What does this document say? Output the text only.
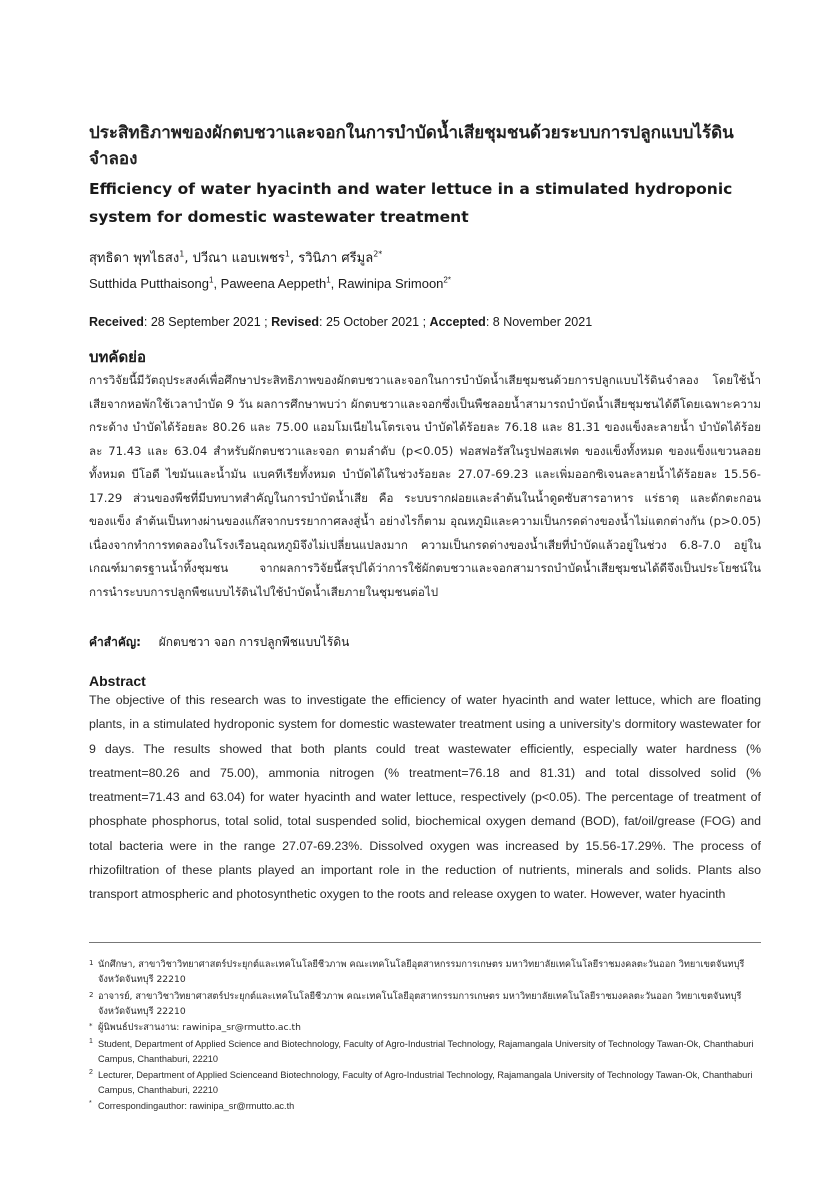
ประสิทธิภาพของผักตบชวาและจอกในการบำบัดน้ำเสียชุมชนด้วยระบบการปลูกแบบไร้ดินจำลอง
Efficiency of water hyacinth and water lettuce in a stimulated hydroponic system for domestic wastewater treatment
สุทธิดา พุทไธสง$^1$, ปวีณา แอบเพชร$^1$, รวินิภา ศรีมูล$^{2*}$
Sutthida Putthaisong$^1$, Paweena Aeppeth$^1$, Rawinipa Srimoon$^{2*}$
Received: 28 September 2021 ; Revised: 25 October 2021 ; Accepted: 8 November 2021
บทคัดย่อ
การวิจัยนี้มีวัตถุประสงค์เพื่อศึกษาประสิทธิภาพของผักตบชวาและจอกในการบำบัดน้ำเสียชุมชนด้วยการปลูกแบบไร้ดินจำลอง โดยใช้น้ำเสียจากหอพักใช้เวลาบำบัด 9 วัน ผลการศึกษาพบว่า ผักตบชวาและจอกซึ่งเป็นพืชลอยน้ำสามารถบำบัดน้ำเสียชุมชนได้ดีโดยเฉพาะความกระด้าง บำบัดได้ร้อยละ 80.26 และ 75.00 แอมโมเนียไนโตรเจน บำบัดได้ร้อยละ 76.18 และ 81.31 ของแข็งละลายน้ำ บำบัดได้ร้อยละ 71.43 และ 63.04 สำหรับผักตบชวาและจอก ตามลำดับ (p<0.05) ฟอสฟอรัสในรูปฟอสเฟต ของแข็งทั้งหมด ของแข็งแขวนลอยทั้งหมด บีโอดี ไขมันและน้ำมัน แบคทีเรียทั้งหมด บำบัดได้ในช่วงร้อยละ 27.07-69.23 และเพิ่มออกซิเจนละลายน้ำได้ร้อยละ 15.56-17.29 ส่วนของพืชที่มีบทบาทสำคัญในการบำบัดน้ำเสีย คือ ระบบรากฝอยและลำต้นในน้ำดูดซับสารอาหาร แร่ธาตุ และดักตะกอนของแข็ง ลำต้นเป็นทางผ่านของแก๊สจากบรรยากาศลงสู่น้ำ อย่างไรก็ตาม อุณหภูมิและความเป็นกรดด่างของน้ำไม่แตกต่างกัน (p>0.05) เนื่องจากทำการทดลองในโรงเรือนอุณหภูมิจึงไม่เปลี่ยนแปลงมาก ความเป็นกรดด่างของน้ำเสียที่บำบัดแล้วอยู่ในช่วง 6.8-7.0 อยู่ในเกณฑ์มาตรฐานน้ำทิ้งชุมชน จากผลการวิจัยนี้สรุปได้ว่าการใช้ผักตบชวาและจอกสามารถบำบัดน้ำเสียชุมชนได้ดีจึงเป็นประโยชน์ในการนำระบบการปลูกพืชแบบไร้ดินไปใช้บำบัดน้ำเสียภายในชุมชนต่อไป
คำสำคัญ: ผักตบชวา จอก การปลูกพืชแบบไร้ดิน
Abstract
The objective of this research was to investigate the efficiency of water hyacinth and water lettuce, which are floating plants, in a stimulated hydroponic system for domestic wastewater treatment using a university’s dormitory wastewater for 9 days. The results showed that both plants could treat wastewater efficiently, especially water hardness (% treatment=80.26 and 75.00), ammonia nitrogen (% treatment=76.18 and 81.31) and total dissolved solid (% treatment=71.43 and 63.04) for water hyacinth and water lettuce, respectively (p<0.05). The percentage of treatment of phosphate phosphorus, total solid, total suspended solid, biochemical oxygen demand (BOD), fat/oil/grease (FOG) and total bacteria were in the range 27.07-69.23%. Dissolved oxygen was increased by 15.56-17.29%. The process of rhizofiltration of these plants played an important role in the reduction of nutrients, minerals and solids. Plants also transport atmospheric and photosynthetic oxygen to the roots and release oxygen to water. However, water hyacinth
1 นักศึกษา, สาขาวิชาวิทยาศาสตร์ประยุกต์และเทคโนโลยีชีวภาพ คณะเทคโนโลยีอุตสาหกรรมการเกษตร มหาวิทยาลัยเทคโนโลยีราชมงคลตะวันออก วิทยาเขตจันทบุรี จังหวัดจันทบุรี 22210
2 อาจารย์, สาขาวิชาวิทยาศาสตร์ประยุกต์และเทคโนโลยีชีวภาพ คณะเทคโนโลยีอุตสาหกรรมการเกษตร มหาวิทยาลัยเทคโนโลยีราชมงคลตะวันออก วิทยาเขตจันทบุรี จังหวัดจันทบุรี 22210
* ผู้นิพนธ์ประสานงาน: rawinipa_sr@rmutto.ac.th
1 Student, Department of Applied Science and Biotechnology, Faculty of Agro-Industrial Technology, Rajamangala University of Technology Tawan-Ok, Chanthaburi Campus, Chanthaburi, 22210
2 Lecturer, Department of Applied Scienceand Biotechnology, Faculty of Agro-Industrial Technology, Rajamangala University of Technology Tawan-Ok, Chanthaburi Campus, Chanthaburi, 22210
* Correspondingauthor: rawinipa_sr@rmutto.ac.th
